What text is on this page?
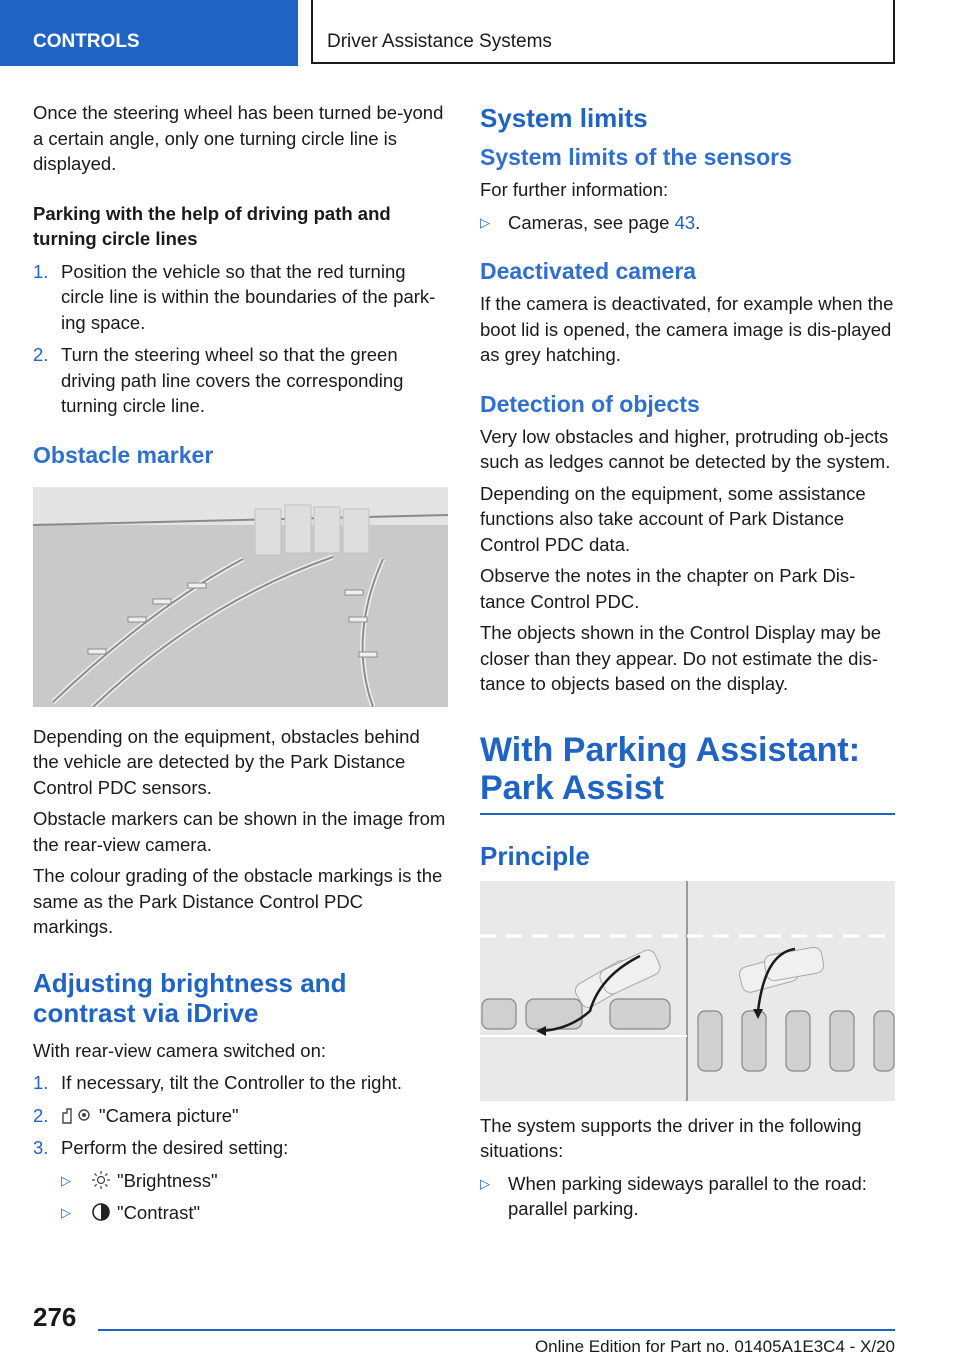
CONTROLS	Driver Assistance Systems

Once the steering wheel has been turned be-yond a certain angle, only one turning circle line is displayed.

Parking with the help of driving path and turning circle lines
1. Position the vehicle so that the red turning circle line is within the boundaries of the park-ing space.
2. Turn the steering wheel so that the green driving path line covers the corresponding turning circle line.
Obstacle marker

Depending on the equipment, obstacles behind the vehicle are detected by the Park Distance Control PDC sensors.

Obstacle markers can be shown in the image from the rear-view camera.

The colour grading of the obstacle markings is the same as the Park Distance Control PDC markings.

Adjusting brightness and contrast via iDrive

With rear-view camera switched on:

1. If necessary, tilt the Controller to the right.
2.	"Camera picture"
3. Perform the desired setting:
▷ "Brightness"
▷ "Contrast"
System limits
System limits of the sensors

For further information:

▷ Cameras, see page 43.
Deactivated camera

If the camera is deactivated, for example when the boot lid is opened, the camera image is dis-played as grey hatching.

Detection of objects

Very low obstacles and higher, protruding ob-jects such as ledges cannot be detected by the system.

Depending on the equipment, some assistance functions also take account of Park Distance Control PDC data.

Observe the notes in the chapter on Park Dis-tance Control PDC.

The objects shown in the Control Display may be closer than they appear. Do not estimate the dis-tance to objects based on the display.

With Parking Assistant:
Park Assist
Principle

The system supports the driver in the following situations:

▷ When parking sideways parallel to the road: parallel parking.
276
Online Edition for Part no. 01405A1E3C4 - X/20
